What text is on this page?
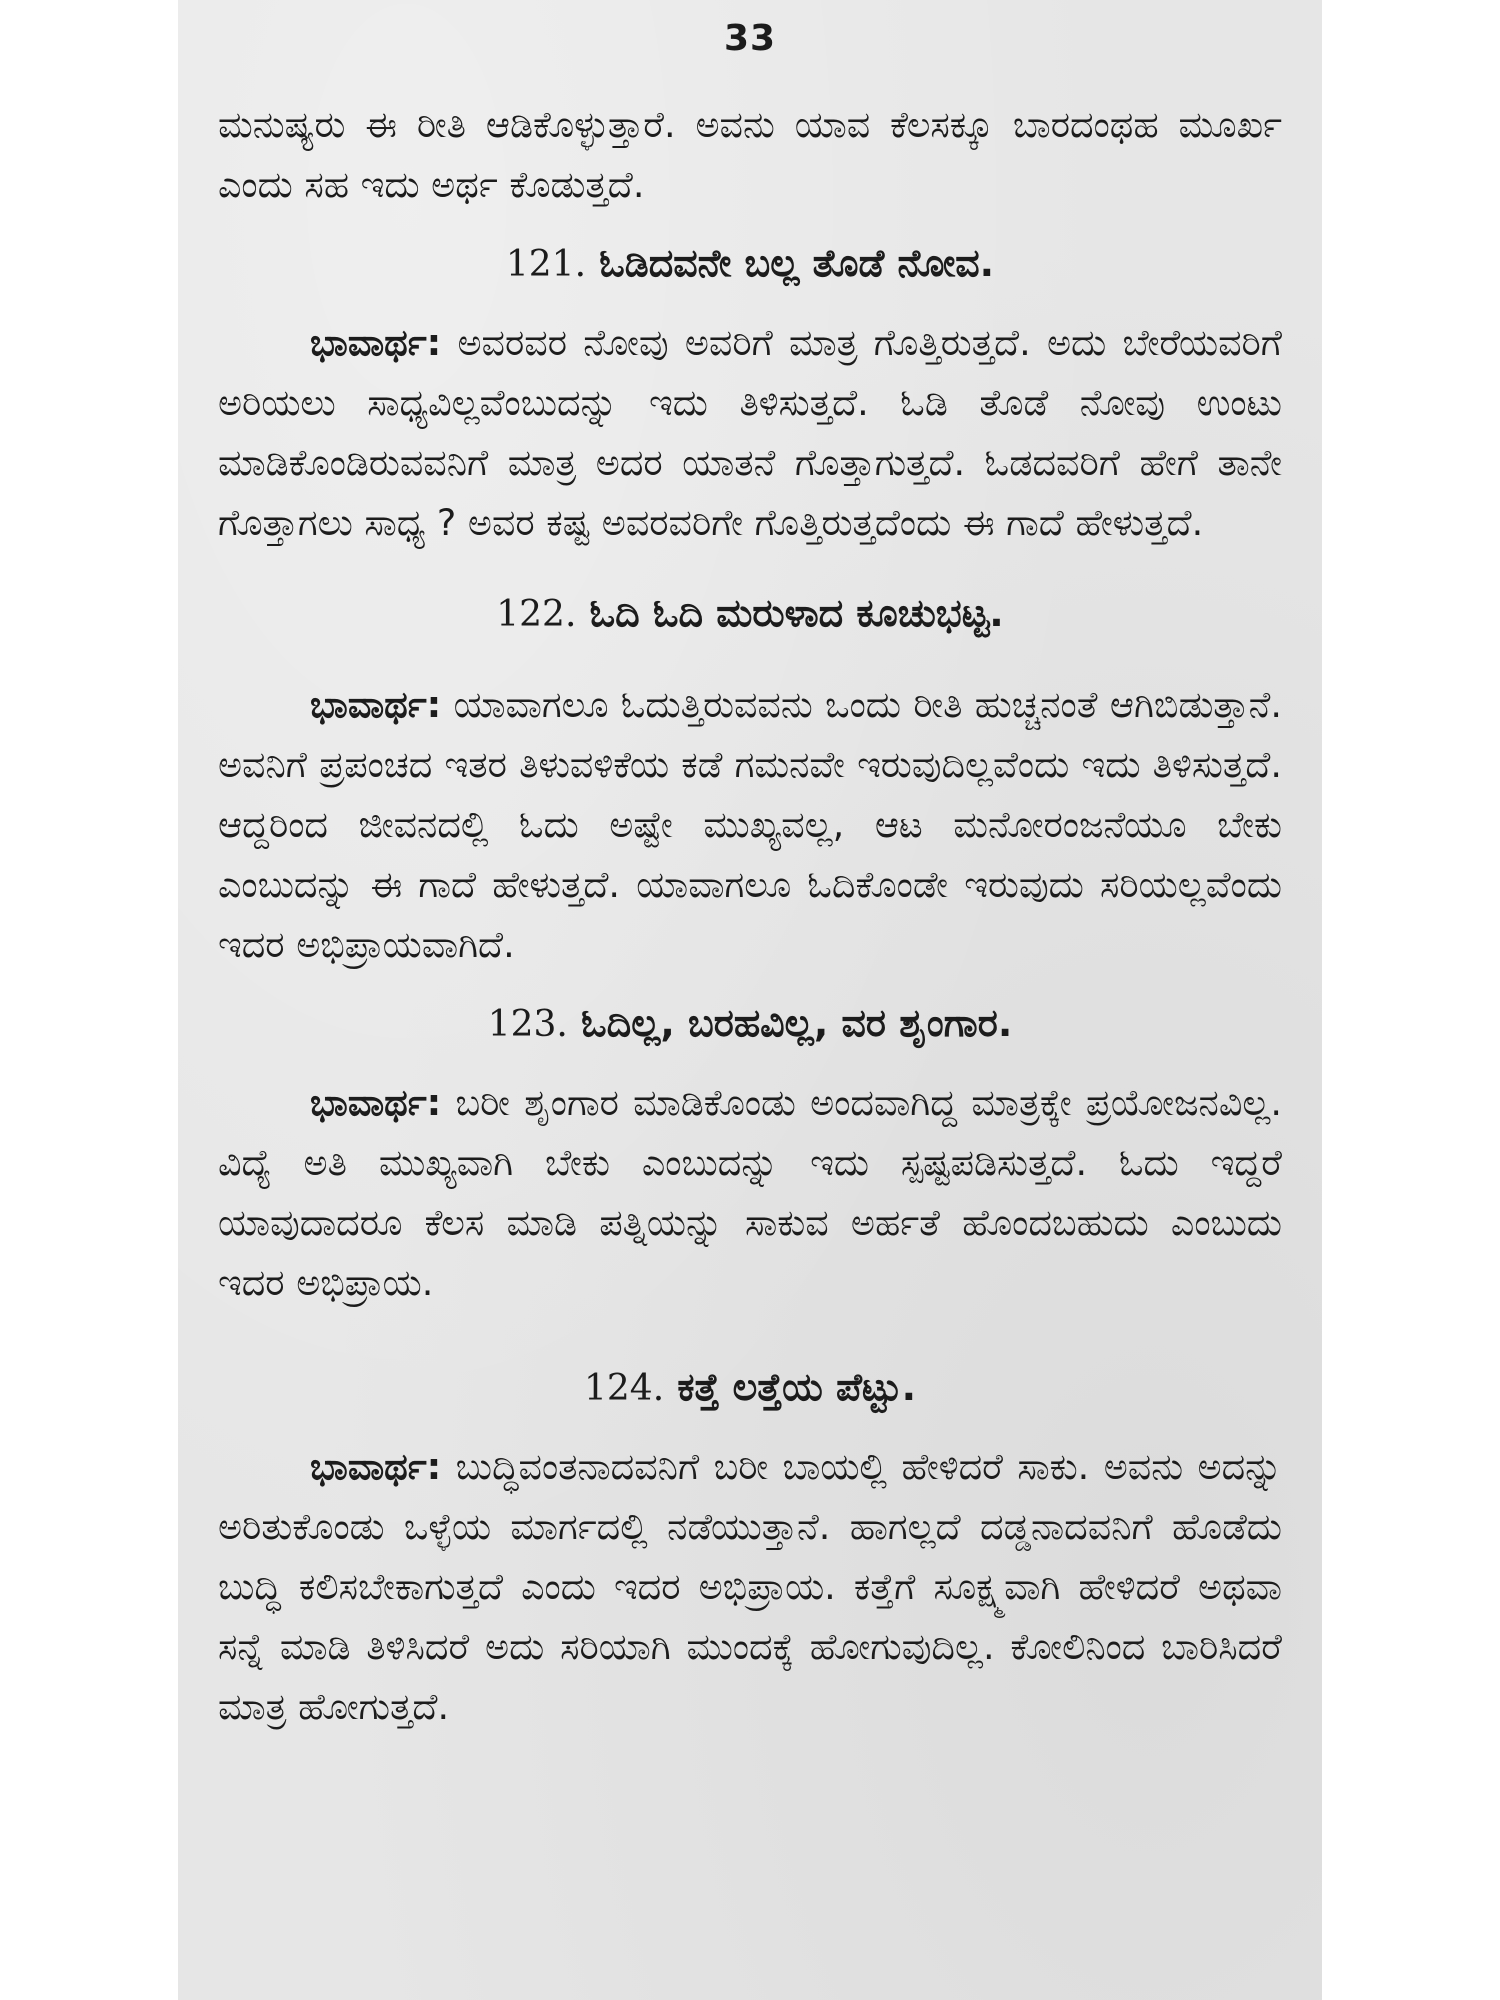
33

ಮನುಷ್ಯರು ಈ ರೀತಿ ಆಡಿಕೊಳ್ಳುತ್ತಾರೆ. ಅವನು ಯಾವ ಕೆಲಸಕ್ಕೂ ಬಾರದಂಥಹ ಮೂರ್ಖ ಎಂದು ಸಹ ಇದು ಅರ್ಥ ಕೊಡುತ್ತದೆ.

121. ಓಡಿದವನೇ ಬಲ್ಲ ತೊಡೆ ನೋವ.

ಭಾವಾರ್ಥ: ಅವರವರ ನೋವು ಅವರಿಗೆ ಮಾತ್ರ ಗೊತ್ತಿರುತ್ತದೆ. ಅದು ಬೇರೆಯವರಿಗೆ ಅರಿಯಲು ಸಾಧ್ಯವಿಲ್ಲವೆಂಬುದನ್ನು ಇದು ತಿಳಿಸುತ್ತದೆ. ಓಡಿ ತೊಡೆ ನೋವು ಉಂಟು ಮಾಡಿಕೊಂಡಿರುವವನಿಗೆ ಮಾತ್ರ ಅದರ ಯಾತನೆ ಗೊತ್ತಾಗುತ್ತದೆ. ಓಡದವರಿಗೆ ಹೇಗೆ ತಾನೇ ಗೊತ್ತಾಗಲು ಸಾಧ್ಯ ? ಅವರ ಕಷ್ಟ ಅವರವರಿಗೇ ಗೊತ್ತಿರುತ್ತದೆಂದು ಈ ಗಾದೆ ಹೇಳುತ್ತದೆ.

122. ಓದಿ ಓದಿ ಮರುಳಾದ ಕೂಚುಭಟ್ಟ.

ಭಾವಾರ್ಥ: ಯಾವಾಗಲೂ ಓದುತ್ತಿರುವವನು ಒಂದು ರೀತಿ ಹುಚ್ಚನಂತೆ ಆಗಿಬಿಡುತ್ತಾನೆ. ಅವನಿಗೆ ಪ್ರಪಂಚದ ಇತರ ತಿಳುವಳಿಕೆಯ ಕಡೆ ಗಮನವೇ ಇರುವುದಿಲ್ಲವೆಂದು ಇದು ತಿಳಿಸುತ್ತದೆ. ಆದ್ದರಿಂದ ಜೀವನದಲ್ಲಿ ಓದು ಅಷ್ಟೇ ಮುಖ್ಯವಲ್ಲ, ಆಟ ಮನೋರಂಜನೆಯೂ ಬೇಕು ಎಂಬುದನ್ನು ಈ ಗಾದೆ ಹೇಳುತ್ತದೆ. ಯಾವಾಗಲೂ ಓದಿಕೊಂಡೇ ಇರುವುದು ಸರಿಯಲ್ಲವೆಂದು ಇದರ ಅಭಿಪ್ರಾಯವಾಗಿದೆ.

123. ಓದಿಲ್ಲ, ಬರಹವಿಲ್ಲ, ವರ ಶೃಂಗಾರ.

ಭಾವಾರ್ಥ: ಬರೀ ಶೃಂಗಾರ ಮಾಡಿಕೊಂಡು ಅಂದವಾಗಿದ್ದ ಮಾತ್ರಕ್ಕೇ ಪ್ರಯೋಜನವಿಲ್ಲ. ವಿದ್ಯೆ ಅತಿ ಮುಖ್ಯವಾಗಿ ಬೇಕು ಎಂಬುದನ್ನು ಇದು ಸ್ಪಷ್ಟಪಡಿಸುತ್ತದೆ. ಓದು ಇದ್ದರೆ ಯಾವುದಾದರೂ ಕೆಲಸ ಮಾಡಿ ಪತ್ನಿಯನ್ನು ಸಾಕುವ ಅರ್ಹತೆ ಹೊಂದಬಹುದು ಎಂಬುದು ಇದರ ಅಭಿಪ್ರಾಯ.

124. ಕತ್ತೆ ಲತ್ತೆಯ ಪೆಟ್ಟು.

ಭಾವಾರ್ಥ: ಬುದ್ಧಿವಂತನಾದವನಿಗೆ ಬರೀ ಬಾಯಲ್ಲಿ ಹೇಳಿದರೆ ಸಾಕು. ಅವನು ಅದನ್ನು ಅರಿತುಕೊಂಡು ಒಳ್ಳೆಯ ಮಾರ್ಗದಲ್ಲಿ ನಡೆಯುತ್ತಾನೆ. ಹಾಗಲ್ಲದೆ ದಡ್ಡನಾದವನಿಗೆ ಹೊಡೆದು ಬುದ್ಧಿ ಕಲಿಸಬೇಕಾಗುತ್ತದೆ ಎಂದು ಇದರ ಅಭಿಪ್ರಾಯ. ಕತ್ತೆಗೆ ಸೂಕ್ಷ್ಮವಾಗಿ ಹೇಳಿದರೆ ಅಥವಾ ಸನ್ನೆ ಮಾಡಿ ತಿಳಿಸಿದರೆ ಅದು ಸರಿಯಾಗಿ ಮುಂದಕ್ಕೆ ಹೋಗುವುದಿಲ್ಲ. ಕೋಲಿನಿಂದ ಬಾರಿಸಿದರೆ ಮಾತ್ರ ಹೋಗುತ್ತದೆ.
